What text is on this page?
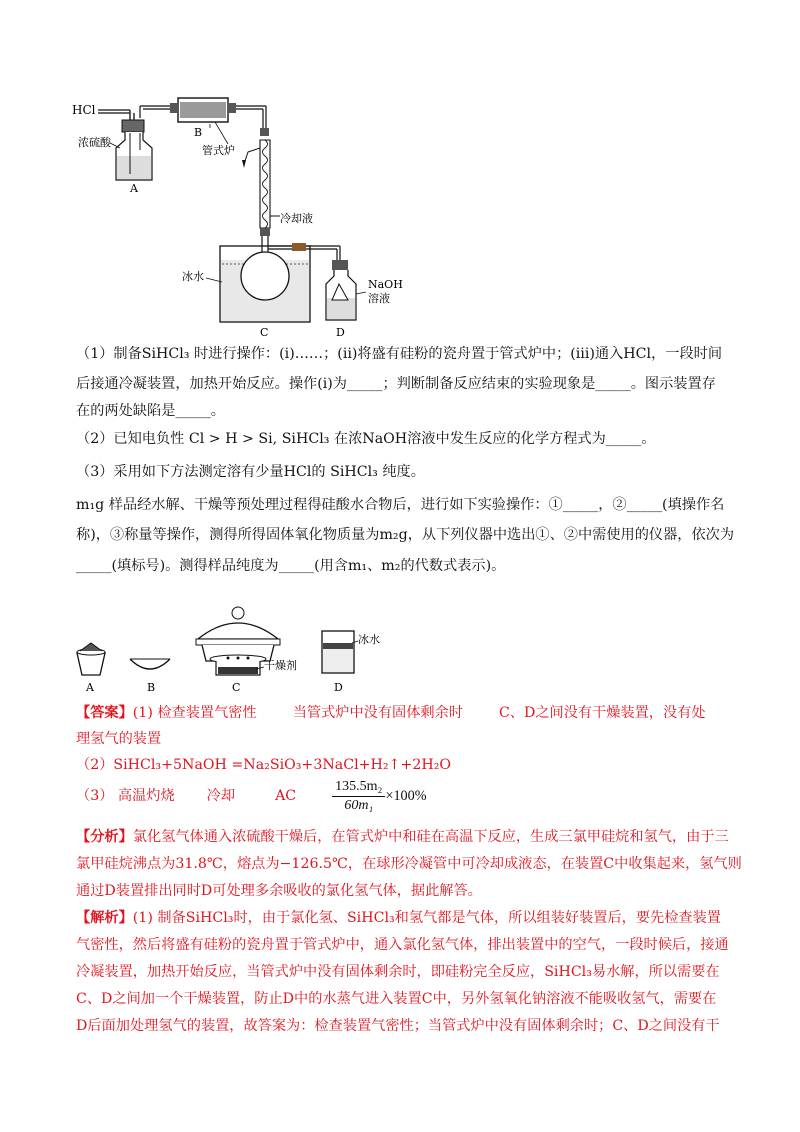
HCl
浓硫酸
A
B
管式炉
冷却液
冰水
C
NaOH
溶液
D
（1）制备SiHCl₃ 时进行操作：(ⅰ)……；(ⅱ)将盛有硅粉的瓷舟置于管式炉中；(ⅲ)通入HCl，一段时间
后接通冷凝装置，加热开始反应。操作(ⅰ)为_____；判断制备反应结束的实验现象是_____。图示装置存
在的两处缺陷是_____。
（2）已知电负性 Cl > H > Si, SiHCl₃ 在浓NaOH溶液中发生反应的化学方程式为_____。
（3）采用如下方法测定溶有少量HCl的 SiHCl₃ 纯度。
m₁g 样品经水解、干燥等预处理过程得硅酸水合物后，进行如下实验操作：①_____，②_____(填操作名
称)，③称量等操作，测得所得固体氧化物质量为m₂g，从下列仪器中选出①、②中需使用的仪器，依次为
_____(填标号)。测得样品纯度为_____(用含m₁、m₂的代数式表示)。
A	B
干燥剂
C
冰水
D
【答案】(1) 检查装置气密性	当管式炉中没有固体剩余时	C、D之间没有干燥装置，没有处
理氢气的装置
（2）SiHCl₃+5NaOH =Na₂SiO₃+3NaCl+H₂↑+2H₂O
（3） 高温灼烧 冷却	AC	$\frac{\text{135.5m₂}}{\text{60m₁}} \times 100\%$
【分析】氯化氢气体通入浓硫酸干燥后，在管式炉中和硅在高温下反应，生成三氯甲硅烷和氢气，由于三
氯甲硅烷沸点为31.8℃，熔点为−126.5℃，在球形冷凝管中可冷却成液态，在装置C中收集起来，氢气则
通过D装置排出同时D可处理多余吸收的氯化氢气体，据此解答。
【解析】(1) 制备SiHCl₃时，由于氯化氢、SiHCl₃和氢气都是气体，所以组装好装置后，要先检查装置
气密性，然后将盛有硅粉的瓷舟置于管式炉中，通入氯化氢气体，排出装置中的空气，一段时候后，接通
冷凝装置，加热开始反应，当管式炉中没有固体剩余时，即硅粉完全反应，SiHCl₃易水解，所以需要在
C、D之间加一个干燥装置，防止D中的水蒸气进入装置C中，另外氢氧化钠溶液不能吸收氢气，需要在
D后面加处理氢气的装置，故答案为：检查装置气密性；当管式炉中没有固体剩余时；C、D之间没有干
